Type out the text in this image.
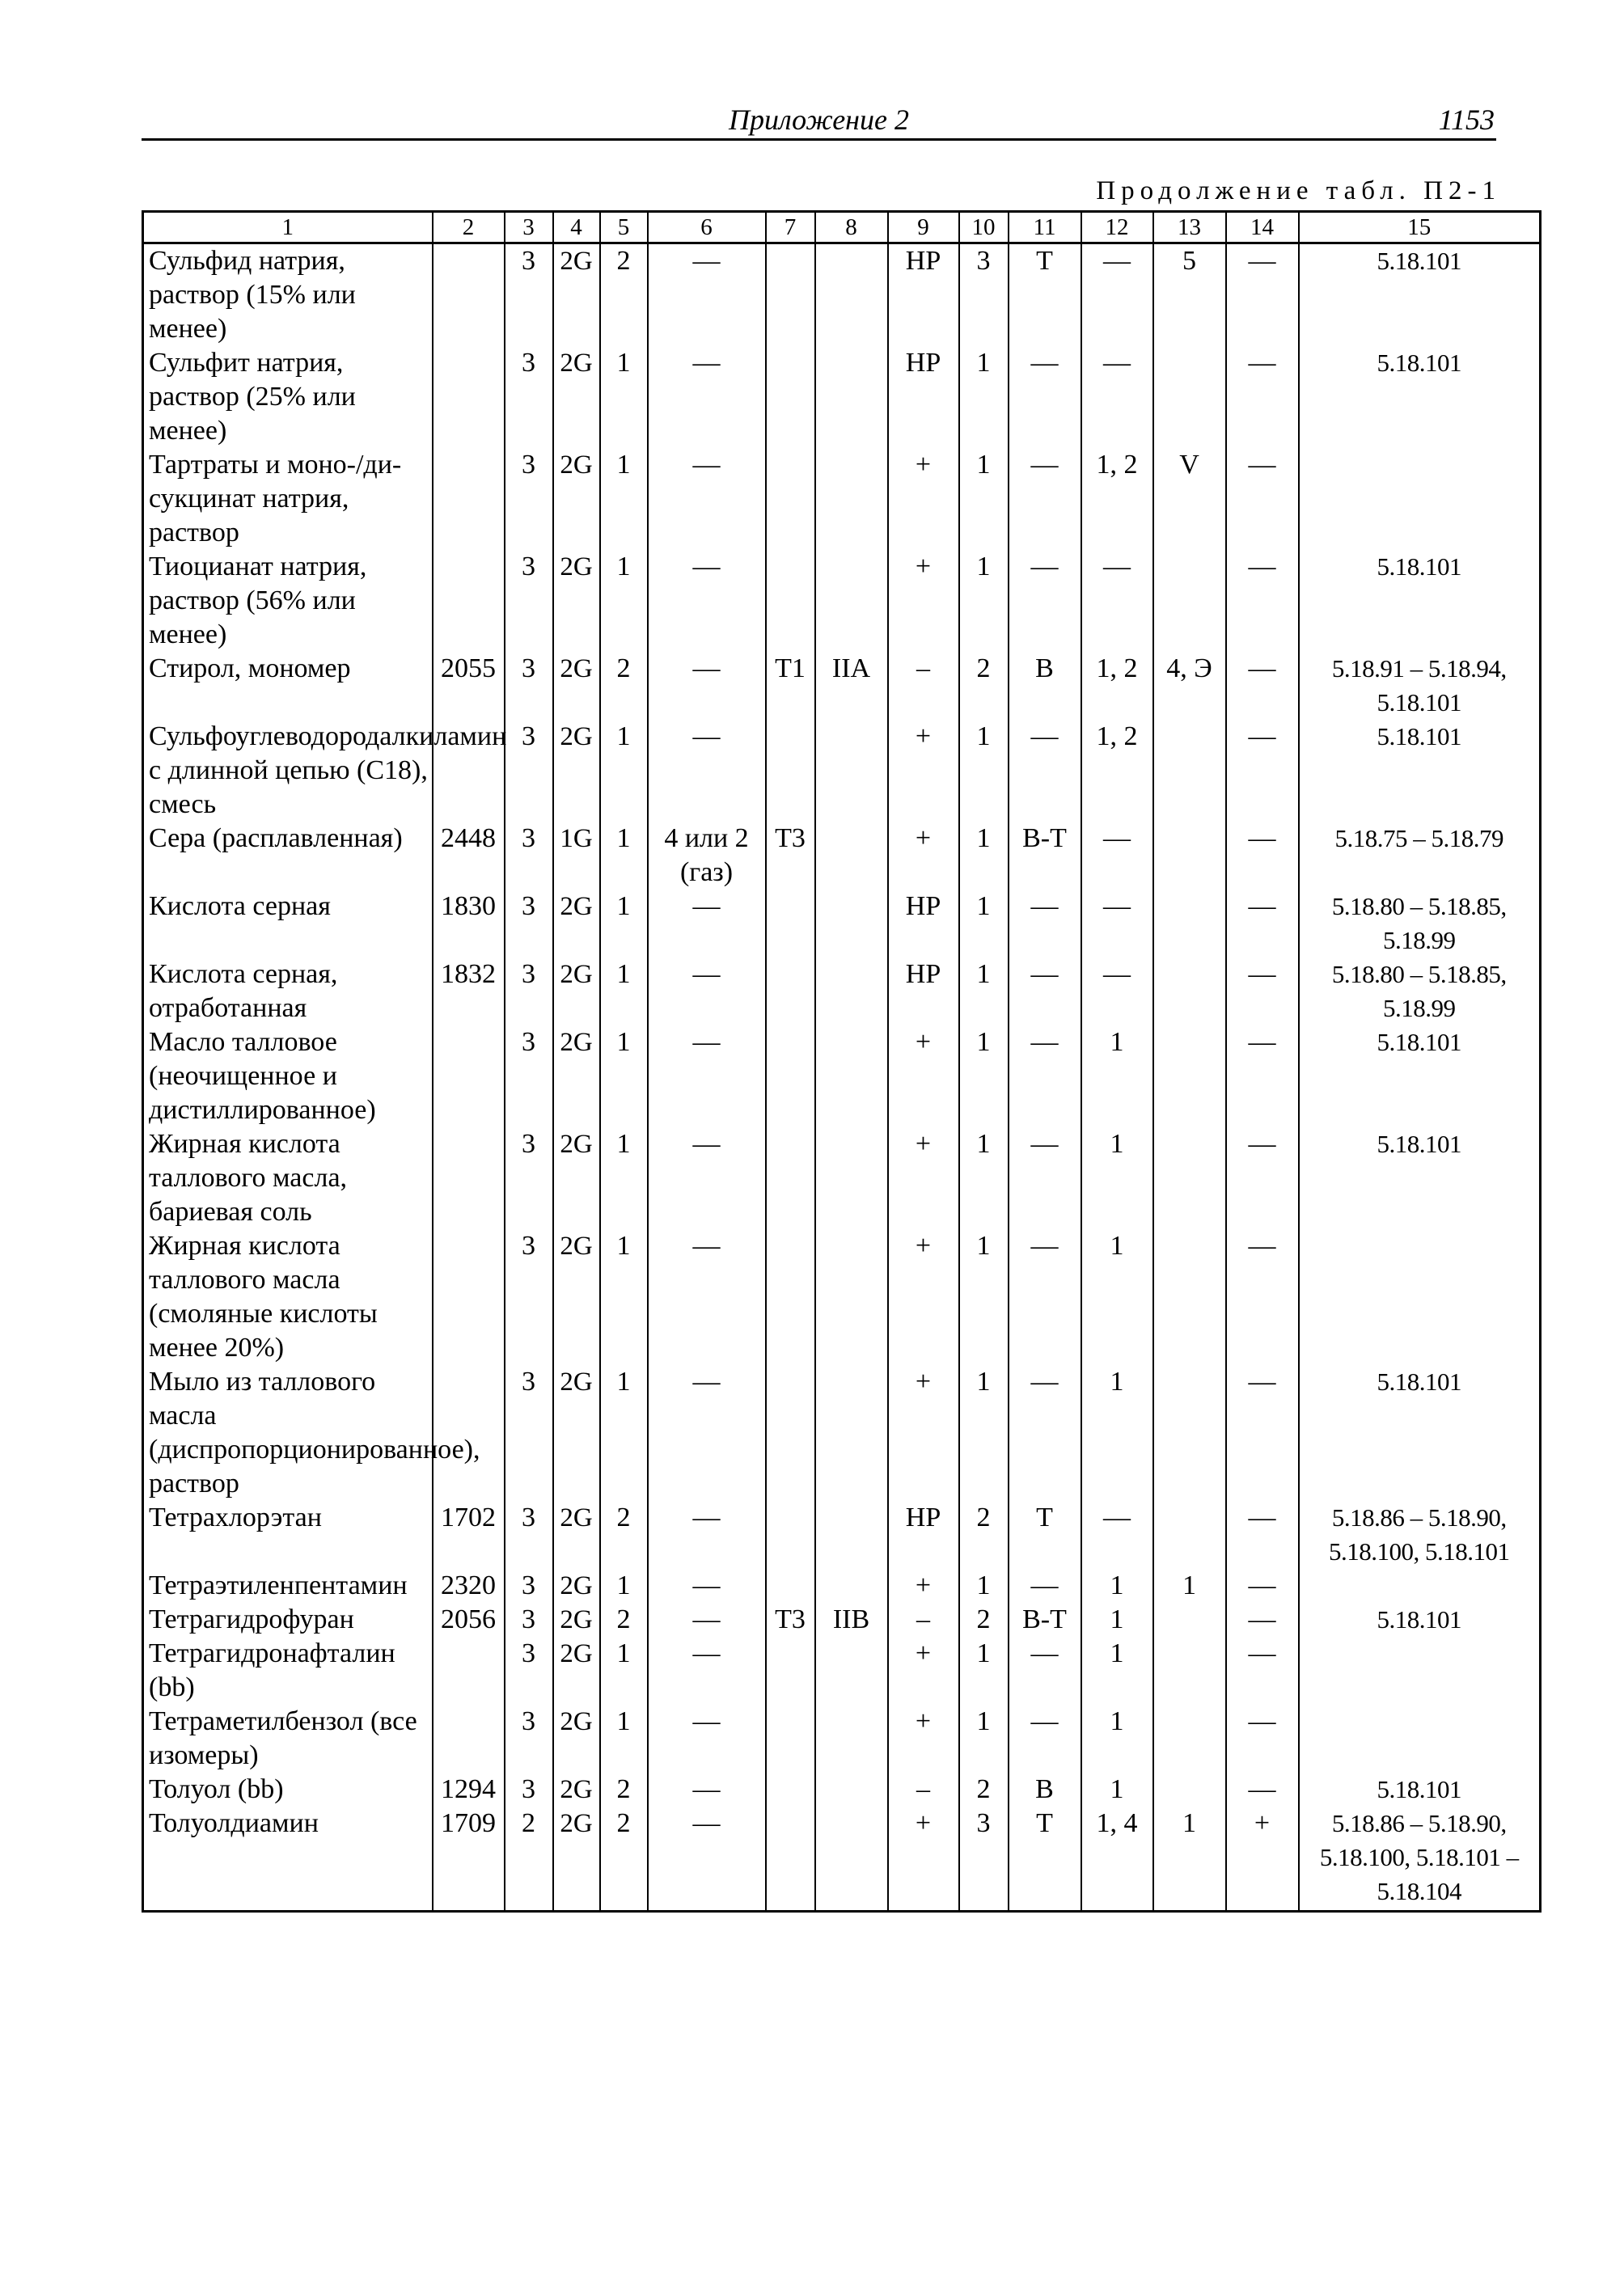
Приложение 2	1153
Продолжение табл. П2-1
1	2	3	4	5	6	7	8	9	10	11	12	13	14	15
Сульфид натрия, раствор (15% или менее)		3	2G	2	—			НР	3	Т	—	5	—	5.18.101
Сульфит натрия, раствор (25% или менее)		3	2G	1	—			НР	1	—	—		—	5.18.101
Тартраты и моно-/ди-сукцинат натрия, раствор		3	2G	1	—			+	1	—	1, 2	V	—	
Тиоцианат натрия, раствор (56% или менее)		3	2G	1	—			+	1	—	—		—	5.18.101
Стирол, мономер	2055	3	2G	2	—	Т1	IIA	–	2	В	1, 2	4, Э	—	5.18.91 – 5.18.94, 5.18.101
Сульфоуглеводородалкиламин с длинной цепью (С18), смесь		3	2G	1	—			+	1	—	1, 2		—	5.18.101
Сера (расплавленная)	2448	3	1G	1	4 или 2 (газ)	Т3		+	1	В-Т	—		—	5.18.75 – 5.18.79
Кислота серная	1830	3	2G	1	—			НР	1	—	—		—	5.18.80 – 5.18.85, 5.18.99
Кислота серная, отработанная	1832	3	2G	1	—			НР	1	—	—		—	5.18.80 – 5.18.85, 5.18.99
Масло талловое (неочищенное и дистиллированное)		3	2G	1	—			+	1	—	1		—	5.18.101
Жирная кислота таллового масла, бариевая соль		3	2G	1	—			+	1	—	1		—	5.18.101
Жирная кислота таллового масла (смоляные кислоты менее 20%)		3	2G	1	—			+	1	—	1		—	
Мыло из таллового масла (диспропорционированное), раствор		3	2G	1	—			+	1	—	1		—	5.18.101
Тетрахлорэтан	1702	3	2G	2	—			НР	2	Т	—		—	5.18.86 – 5.18.90, 5.18.100, 5.18.101
Тетраэтиленпентамин	2320	3	2G	1	—			+	1	—	1	1	—	
Тетрагидрофуран	2056	3	2G	2	—	Т3	IIB	–	2	В-Т	1		—	5.18.101
Тетрагидронафталин (bb)		3	2G	1	—			+	1	—	1		—	
Тетраметилбензол (все изомеры)		3	2G	1	—			+	1	—	1		—	
Толуол (bb)	1294	3	2G	2	—			–	2	В	1		—	5.18.101
Толуолдиамин	1709	2	2G	2	—			+	3	Т	1, 4	1	+	5.18.86 – 5.18.90, 5.18.100, 5.18.101 – 5.18.104
